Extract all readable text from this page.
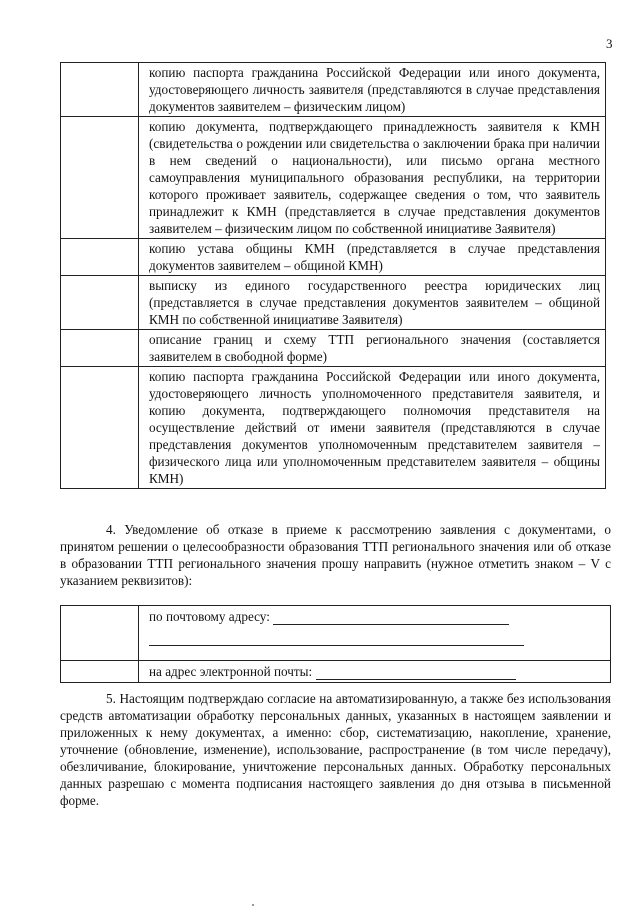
3
	копию паспорта гражданина Российской Федерации или иного документа, удостоверяющего личность заявителя (представляются в случае представления документов заявителем – физическим лицом)
	копию документа, подтверждающего принадлежность заявителя к КМН (свидетельства о рождении или свидетельства о заключении брака при наличии в нем сведений о национальности), или письмо органа местного самоуправления муниципального образования республики, на территории которого проживает заявитель, содержащее сведения о том, что заявитель принадлежит к КМН (представляется в случае представления документов заявителем – физическим лицом по собственной инициативе Заявителя)
	копию устава общины КМН (представляется в случае представления документов заявителем – общиной КМН)
	выписку из единого государственного реестра юридических лиц (представляется в случае представления документов заявителем – общиной КМН по собственной инициативе Заявителя)
	описание границ и схему ТТП регионального значения (составляется заявителем в свободной форме)
	копию паспорта гражданина Российской Федерации или иного документа, удостоверяющего личность уполномоченного представителя заявителя, и копию документа, подтверждающего полномочия представителя на осуществление действий от имени заявителя (представляются в случае представления документов уполномоченным представителем заявителя – физического лица или уполномоченным представителем заявителя – общины КМН)

4. Уведомление об отказе в приеме к рассмотрению заявления с документами, о принятом решении о целесообразности образования ТТП регионального значения или об отказе в образовании ТТП регионального значения прошу направить (нужное отметить знаком – V с указанием реквизитов):

	по почтовому адресу:

	на адрес электронной почты:

5. Настоящим подтверждаю согласие на автоматизированную, а также без использования средств автоматизации обработку персональных данных, указанных в настоящем заявлении и приложенных к нему документах, а именно: сбор, систематизацию, накопление, хранение, уточнение (обновление, изменение), использование, распространение (в том числе передачу), обезличивание, блокирование, уничтожение персональных данных. Обработку персональных данных разрешаю с момента подписания настоящего заявления до дня отзыва в письменной форме.
